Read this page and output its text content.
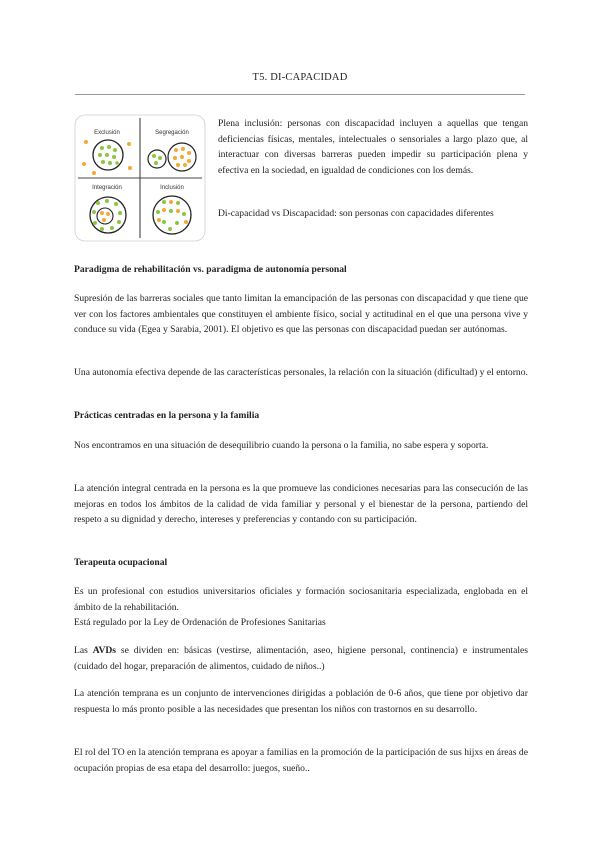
T5. DI-CAPACIDAD
Exclusión	Segregación
Integración	Inclusión
Plena inclusión: personas con discapacidad incluyen a aquellas que tengan deficiencias físicas, mentales, intelectuales o sensoriales a largo plazo que, al interactuar con diversas barreras pueden impedir su participación plena y efectiva en la sociedad, en igualdad de condiciones con los demás.
Di-capacidad vs Discapacidad: son personas con capacidades diferentes
Paradigma de rehabilitación vs. paradigma de autonomía personal
Supresión de las barreras sociales que tanto limitan la emancipación de las personas con discapacidad y que tiene que ver con los factores ambientales que constituyen el ambiente físico, social y actitudinal en el que una persona vive y conduce su vida (Egea y Sarabia, 2001). El objetivo es que las personas con discapacidad puedan ser autónomas.
Una autonomía efectiva depende de las características personales, la relación con la situación (dificultad) y el entorno.
Prácticas centradas en la persona y la familia
Nos encontramos en una situación de desequilibrio cuando la persona o la familia, no sabe espera y soporta.
La atención integral centrada en la persona es la que promueve las condiciones necesarias para las consecución de las mejoras en todos los ámbitos de la calidad de vida familiar y personal y el bienestar de la persona, partiendo del respeto a su dignidad y derecho, intereses y preferencias y contando con su participación.
Terapeuta ocupacional
Es un profesional con estudios universitarios oficiales y formación sociosanitaria especializada, englobada en el ámbito de la rehabilitación.
Está regulado por la Ley de Ordenación de Profesiones Sanitarias
Las AVDs se dividen en: básicas (vestirse, alimentación, aseo, higiene personal, continencia) e instrumentales (cuidado del hogar, preparación de alimentos, cuidado de niños..)
La atención temprana es un conjunto de intervenciones dirigidas a población de 0-6 años, que tiene por objetivo dar respuesta lo más pronto posible a las necesidades que presentan los niños con trastornos en su desarrollo.
El rol del TO en la atención temprana es apoyar a familias en la promoción de la participación de sus hijxs en áreas de ocupación propias de esa etapa del desarrollo: juegos, sueño..
